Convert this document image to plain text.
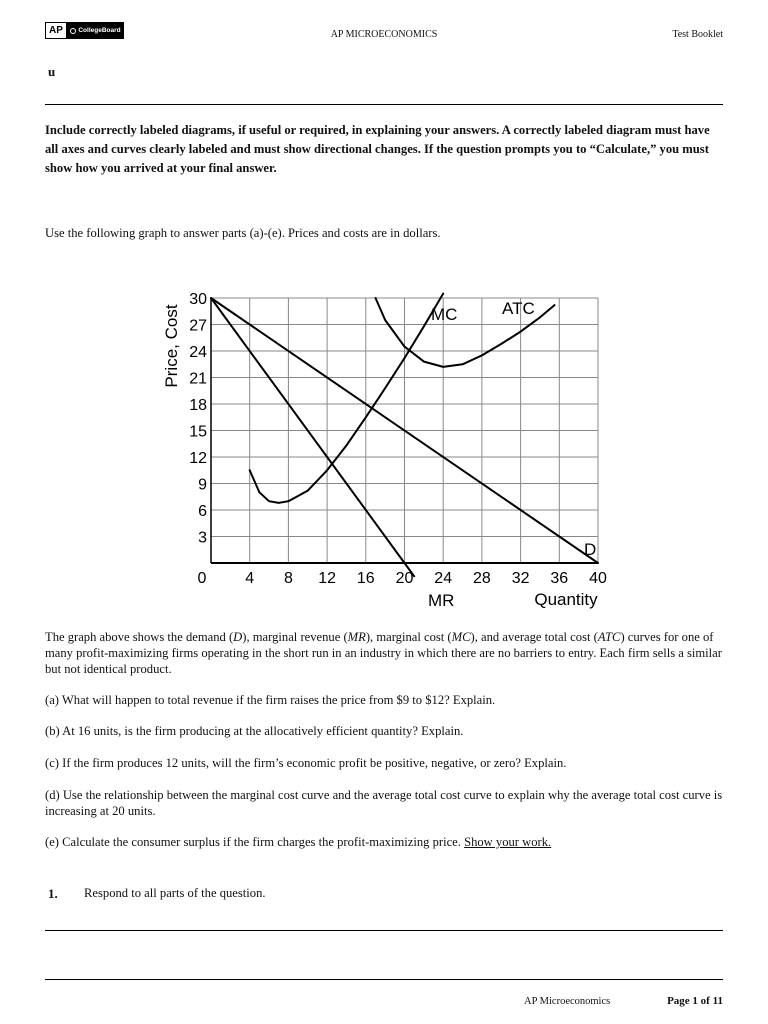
AP	CollegeBoard	AP MICROECONOMICS	Test Booklet
u
Include correctly labeled diagrams, if useful or required, in explaining your answers. A correctly labeled diagram must have all axes and curves clearly labeled and must show directional changes. If the question prompts you to “Calculate,” you must show how you arrived at your final answer.
Use the following graph to answer parts (a)-(e). Prices and costs are in dollars.
3
6
9
12
15
18
21
24
27
30
0 4 8 12 16 20 24 28 32 36 40
Price, Cost
Quantity
D
MR
MC	ATC
The graph above shows the demand (D), marginal revenue (MR), marginal cost (MC), and average total cost (ATC) curves for one of many profit-maximizing firms operating in the short run in an industry in which there are no barriers to entry. Each firm sells a similar but not identical product.
(a) What will happen to total revenue if the firm raises the price from $9 to $12? Explain.
(b) At 16 units, is the firm producing at the allocatively efficient quantity? Explain.
(c) If the firm produces 12 units, will the firm’s economic profit be positive, negative, or zero? Explain.
(d) Use the relationship between the marginal cost curve and the average total cost curve to explain why the average total cost curve is increasing at 20 units.
(e) Calculate the consumer surplus if the firm charges the profit-maximizing price. Show your work.
1. Respond to all parts of the question.
AP Microeconomics	Page 1 of 11
